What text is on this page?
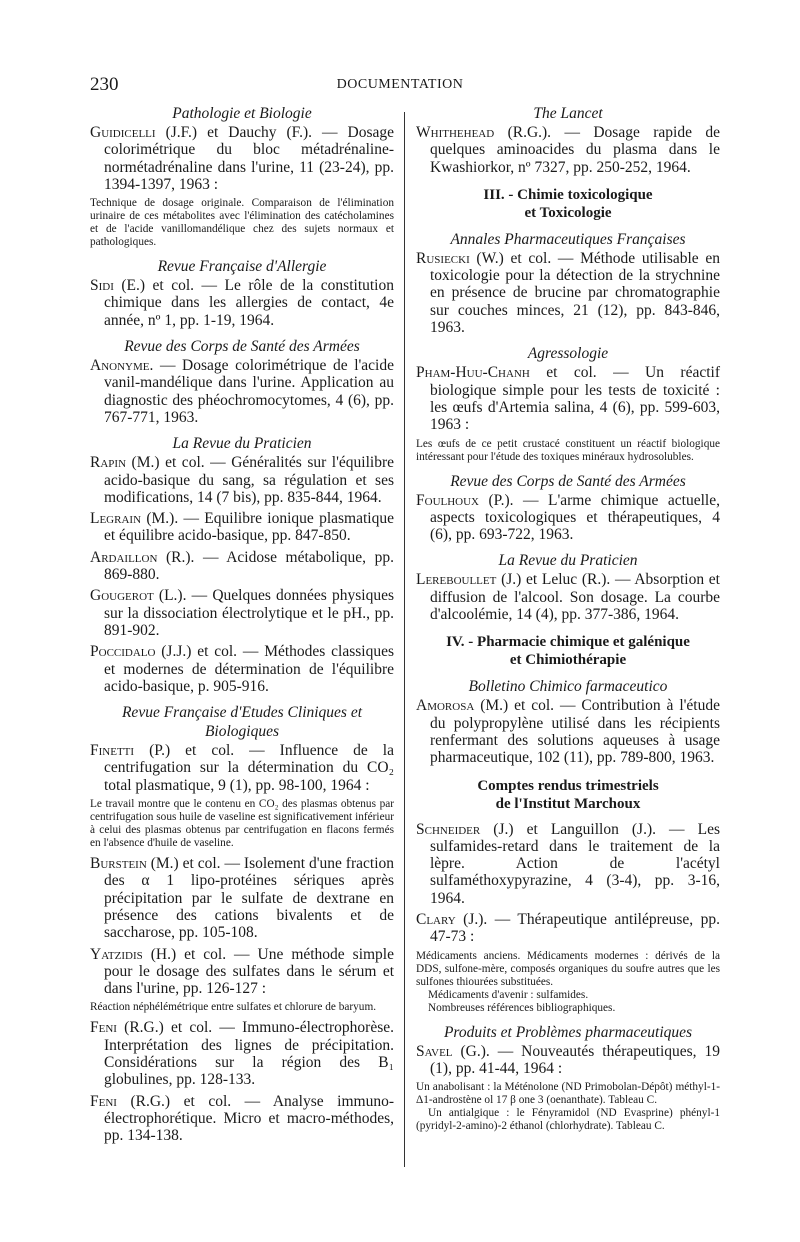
230	DOCUMENTATION
Pathologie et Biologie
Guidicelli (J.F.) et Dauchy (F.). — Dosage colorimétrique du bloc métadrénaline-normétadrénaline dans l'urine, 11 (23-24), pp. 1394-1397, 1963 :

Technique de dosage originale. Comparaison de l'élimination urinaire de ces métabolites avec l'élimination des catécholamines et de l'acide vanillomandélique chez des sujets normaux et pathologiques.

Revue Française d'Allergie
Sidi (E.) et col. — Le rôle de la constitution chimique dans les allergies de contact, 4e année, nº 1, pp. 1-19, 1964.
Revue des Corps de Santé des Armées
Anonyme. — Dosage colorimétrique de l'acide vanil-mandélique dans l'urine. Application au diagnostic des phéochromocytomes, 4 (6), pp. 767-771, 1963.
La Revue du Praticien
Rapin (M.) et col. — Généralités sur l'équilibre acido-basique du sang, sa régulation et ses modifications, 14 (7 bis), pp. 835-844, 1964.
Legrain (M.). — Equilibre ionique plasmatique et équilibre acido-basique, pp. 847-850.
Ardaillon (R.). — Acidose métabolique, pp. 869-880.
Gougerot (L.). — Quelques données physiques sur la dissociation électrolytique et le pH., pp. 891-902.
Poccidalo (J.J.) et col. — Méthodes classiques et modernes de détermination de l'équilibre acido-basique, p. 905-916.
Revue Française d'Etudes Cliniques et Biologiques
Finetti (P.) et col. — Influence de la centrifugation sur la détermination du CO₂ total plasmatique, 9 (1), pp. 98-100, 1964 :

Le travail montre que le contenu en CO₂ des plasmas obtenus par centrifugation sous huile de vaseline est significativement inférieur à celui des plasmas obtenus par centrifugation en flacons fermés en l'absence d'huile de vaseline.

Burstein (M.) et col. — Isolement d'une fraction des α 1 lipo-protéines sériques après précipitation par le sulfate de dextrane en présence des cations bivalents et de saccharose, pp. 105-108.
Yatzidis (H.) et col. — Une méthode simple pour le dosage des sulfates dans le sérum et dans l'urine, pp. 126-127 :

Réaction néphélémétrique entre sulfates et chlorure de baryum.

Feni (R.G.) et col. — Immuno-électrophorèse. Interprétation des lignes de précipitation. Considérations sur la région des B₁ globulines, pp. 128-133.
Feni (R.G.) et col. — Analyse immuno-électrophorétique. Micro et macro-méthodes, pp. 134-138.
The Lancet
Whithehead (R.G.). — Dosage rapide de quelques aminoacides du plasma dans le Kwashiorkor, nº 7327, pp. 250-252, 1964.
III. - Chimie toxicologique
et Toxicologie
Annales Pharmaceutiques Françaises
Rusiecki (W.) et col. — Méthode utilisable en toxicologie pour la détection de la strychnine en présence de brucine par chromatographie sur couches minces, 21 (12), pp. 843-846, 1963.
Agressologie
Pham-Huu-Chanh et col. — Un réactif biologique simple pour les tests de toxicité : les œufs d'Artemia salina, 4 (6), pp. 599-603, 1963 :

Les œufs de ce petit crustacé constituent un réactif biologique intéressant pour l'étude des toxiques minéraux hydrosolubles.

Revue des Corps de Santé des Armées
Foulhoux (P.). — L'arme chimique actuelle, aspects toxicologiques et thérapeutiques, 4 (6), pp. 693-722, 1963.
La Revue du Praticien
Lereboullet (J.) et Leluc (R.). — Absorption et diffusion de l'alcool. Son dosage. La courbe d'alcoolémie, 14 (4), pp. 377-386, 1964.
IV. - Pharmacie chimique et galénique
et Chimiothérapie
Bolletino Chimico farmaceutico
Amorosa (M.) et col. — Contribution à l'étude du polypropylène utilisé dans les récipients renfermant des solutions aqueuses à usage pharmaceutique, 102 (11), pp. 789-800, 1963.
Comptes rendus trimestriels
de l'Institut Marchoux
Schneider (J.) et Languillon (J.). — Les sulfamides-retard dans le traitement de la lèpre. Action de l'acétyl sulfaméthoxypyrazine, 4 (3-4), pp. 3-16, 1964.
Clary (J.). — Thérapeutique antilépreuse, pp. 47-73 :

Médicaments anciens. Médicaments modernes : dérivés de la DDS, sulfone-mère, composés organiques du soufre autres que les sulfones thiourées substituées.

Médicaments d'avenir : sulfamides.

Nombreuses références bibliographiques.

Produits et Problèmes pharmaceutiques
Savel (G.). — Nouveautés thérapeutiques, 19 (1), pp. 41-44, 1964 :

Un anabolisant : la Méténolone (ND Primobolan-Dépôt) méthyl-1-Δ1-androstène ol 17 β one 3 (oenanthate). Tableau C.

Un antialgique : le Fényramidol (ND Evasprine) phényl-1 (pyridyl-2-amino)-2 éthanol (chlorhydrate). Tableau C.
